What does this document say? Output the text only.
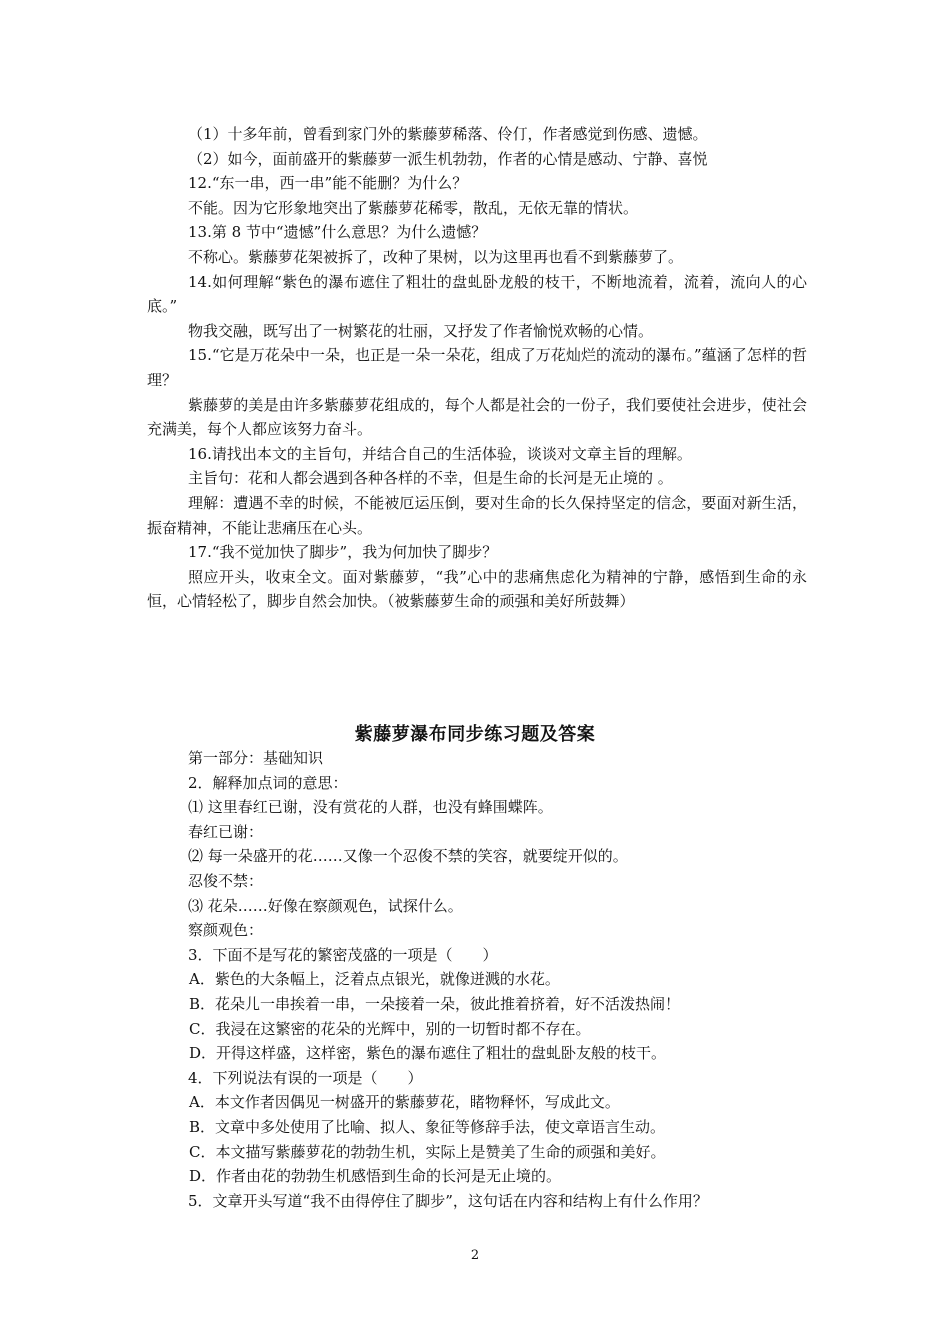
（1）十多年前，曾看到家门外的紫藤萝稀落、伶仃，作者感觉到伤感、遗憾。
（2）如今，面前盛开的紫藤萝一派生机勃勃，作者的心情是感动、宁静、喜悦
12.“东一串，西一串”能不能删？为什么？
不能。因为它形象地突出了紫藤萝花稀零，散乱，无依无靠的情状。
13.第 8 节中“遗憾”什么意思？为什么遗憾？
不称心。紫藤萝花架被拆了，改种了果树，以为这里再也看不到紫藤萝了。
14.如何理解“紫色的瀑布遮住了粗壮的盘虬卧龙般的枝干，不断地流着，流着，流向人的心底。”
物我交融，既写出了一树繁花的壮丽，又抒发了作者愉悦欢畅的心情。
15.“它是万花朵中一朵，也正是一朵一朵花，组成了万花灿烂的流动的瀑布。”蕴涵了怎样的哲理？
紫藤萝的美是由许多紫藤萝花组成的，每个人都是社会的一份子，我们要使社会进步，使社会充满美，每个人都应该努力奋斗。
16.请找出本文的主旨句，并结合自己的生活体验，谈谈对文章主旨的理解。
主旨句：花和人都会遇到各种各样的不幸，但是生命的长河是无止境的 。
理解：遭遇不幸的时候，不能被厄运压倒，要对生命的长久保持坚定的信念，要面对新生活，振奋精神，不能让悲痛压在心头。
17.“我不觉加快了脚步”，我为何加快了脚步？
照应开头，收束全文。面对紫藤萝，“我”心中的悲痛焦虑化为精神的宁静，感悟到生命的永恒，心情轻松了，脚步自然会加快。（被紫藤萝生命的顽强和美好所鼓舞）
紫藤萝瀑布同步练习题及答案
第一部分：基础知识
2．解释加点词的意思：
⑴ 这里春红已谢，没有赏花的人群，也没有蜂围蝶阵。
春红已谢：
⑵ 每一朵盛开的花……又像一个忍俊不禁的笑容，就要绽开似的。
忍俊不禁：
⑶ 花朵……好像在察颜观色，试探什么。
察颜观色：
3．下面不是写花的繁密茂盛的一项是（　　）
A．紫色的大条幅上，泛着点点银光，就像迸溅的水花。
B．花朵儿一串挨着一串，一朵接着一朵，彼此推着挤着，好不活泼热闹！
C．我浸在这繁密的花朵的光辉中，别的一切暂时都不存在。
D．开得这样盛，这样密，紫色的瀑布遮住了粗壮的盘虬卧友般的枝干。
4．下列说法有误的一项是（　　）
A．本文作者因偶见一树盛开的紫藤萝花，睹物释怀，写成此文。
B．文章中多处使用了比喻、拟人、象征等修辞手法，使文章语言生动。
C．本文描写紫藤萝花的勃勃生机，实际上是赞美了生命的顽强和美好。
D．作者由花的勃勃生机感悟到生命的长河是无止境的。
5．文章开头写道“我不由得停住了脚步”，这句话在内容和结构上有什么作用？
2
